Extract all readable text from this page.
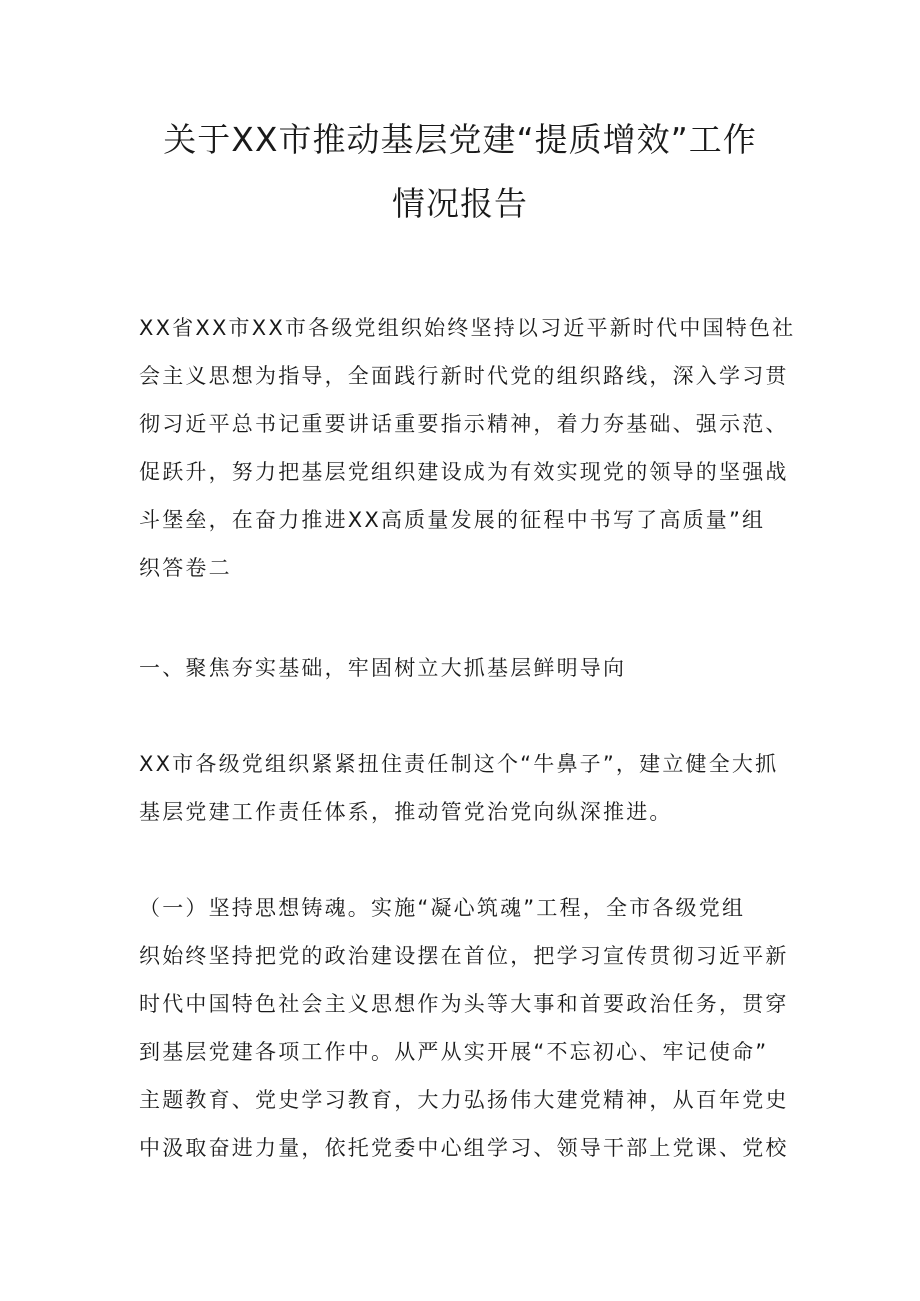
关于XX市推动基层党建“提质增效”工作
情况报告
XX省XX市XX市各级党组织始终坚持以习近平新时代中国特色社
会主义思想为指导，全面践行新时代党的组织路线，深入学习贯
彻习近平总书记重要讲话重要指示精神，着力夯基础、强示范、
促跃升，努力把基层党组织建设成为有效实现党的领导的坚强战
斗堡垒，在奋力推进XX高质量发展的征程中书写了高质量”组
织答卷二
一、聚焦夯实基础，牢固树立大抓基层鲜明导向
XX市各级党组织紧紧扭住责任制这个“牛鼻子”，建立健全大抓
基层党建工作责任体系，推动管党治党向纵深推进。
（一）坚持思想铸魂。实施“凝心筑魂”工程，全市各级党组
织始终坚持把党的政治建设摆在首位，把学习宣传贯彻习近平新
时代中国特色社会主义思想作为头等大事和首要政治任务，贯穿
到基层党建各项工作中。从严从实开展“不忘初心、牢记使命”
主题教育、党史学习教育，大力弘扬伟大建党精神，从百年党史
中汲取奋进力量，依托党委中心组学习、领导干部上党课、党校
